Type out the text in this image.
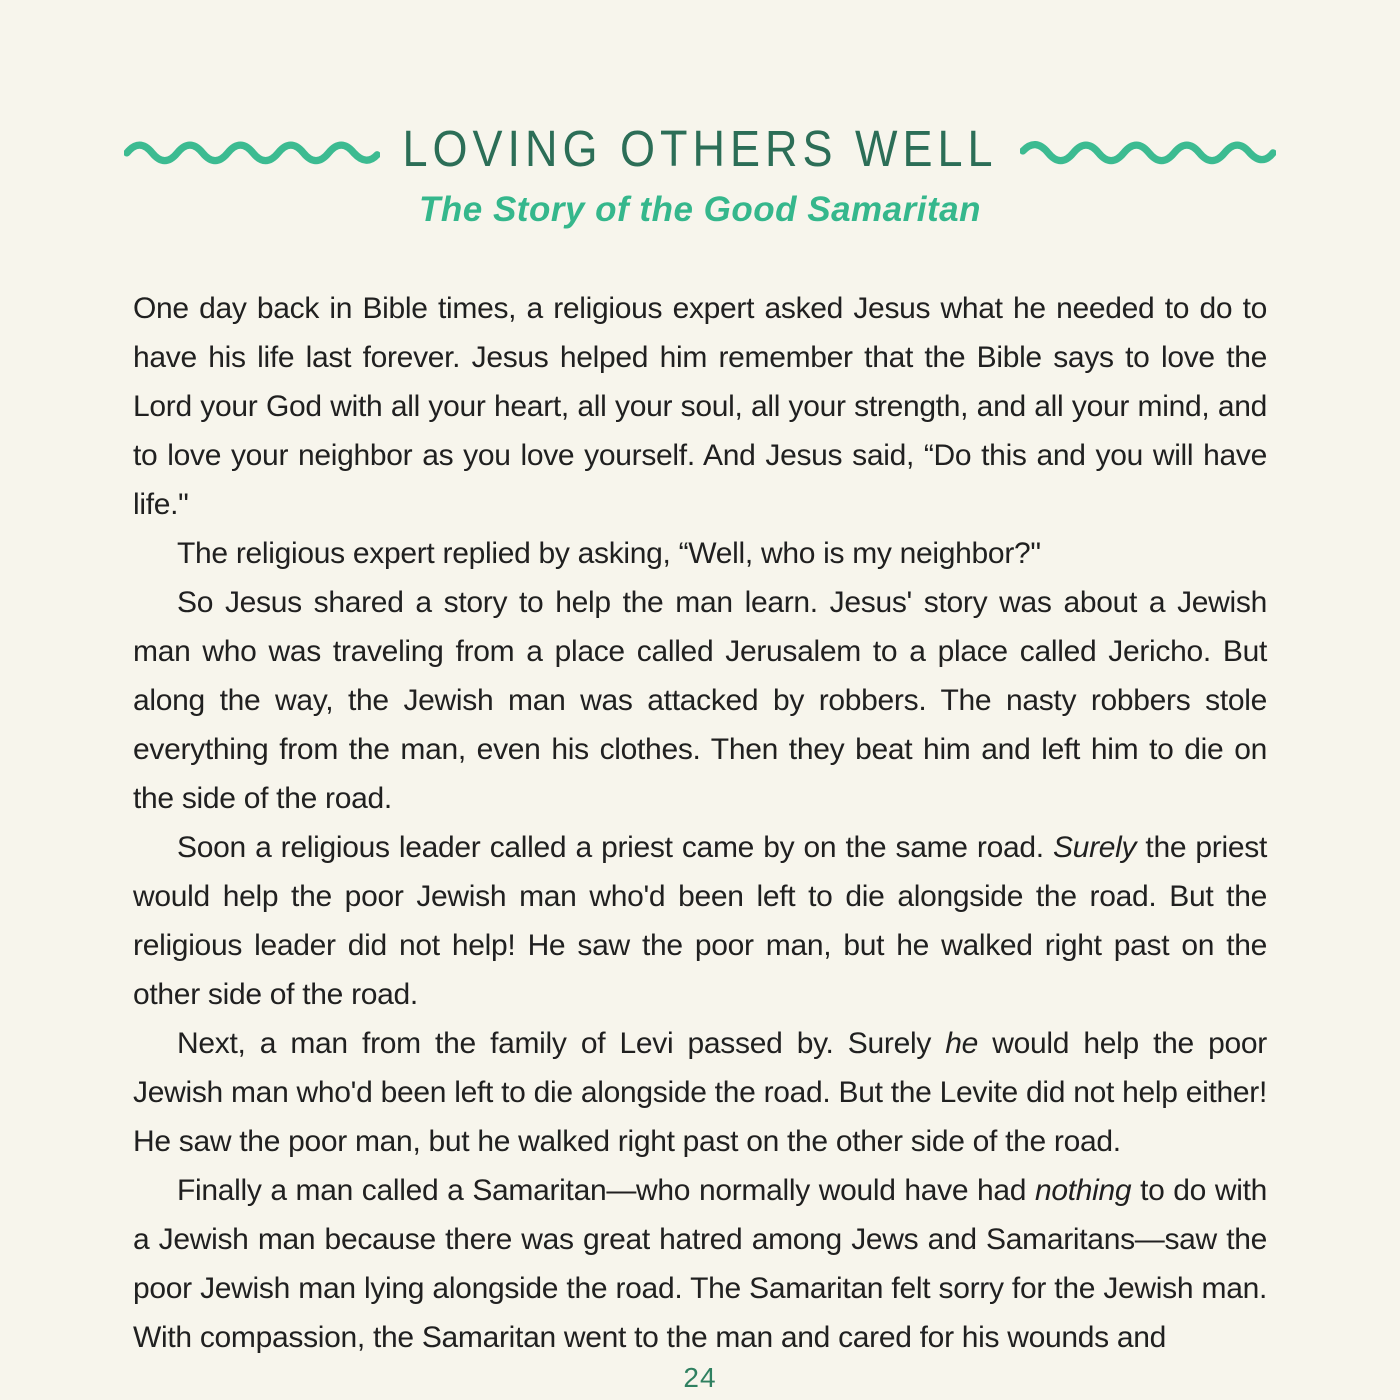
LOVING OTHERS WELL
The Story of the Good Samaritan

One day back in Bible times, a religious expert asked Jesus what he needed to do to have his life last forever. Jesus helped him remember that the Bible says to love the Lord your God with all your heart, all your soul, all your strength, and all your mind, and to love your neighbor as you love yourself. And Jesus said, “Do this and you will have life."

The religious expert replied by asking, “Well, who is my neighbor?"

So Jesus shared a story to help the man learn. Jesus' story was about a Jewish man who was traveling from a place called Jerusalem to a place called Jericho. But along the way, the Jewish man was attacked by robbers. The nasty robbers stole everything from the man, even his clothes. Then they beat him and left him to die on the side of the road.

Soon a religious leader called a priest came by on the same road. Surely the priest would help the poor Jewish man who'd been left to die alongside the road. But the religious leader did not help! He saw the poor man, but he walked right past on the other side of the road.

Next, a man from the family of Levi passed by. Surely he would help the poor Jewish man who'd been left to die alongside the road. But the Levite did not help either! He saw the poor man, but he walked right past on the other side of the road.

Finally a man called a Samaritan—who normally would have had nothing to do with a Jewish man because there was great hatred among Jews and Samaritans—saw the poor Jewish man lying alongside the road. The Samaritan felt sorry for the Jewish man. With compassion, the Samaritan went to the man and cared for his wounds and

24
